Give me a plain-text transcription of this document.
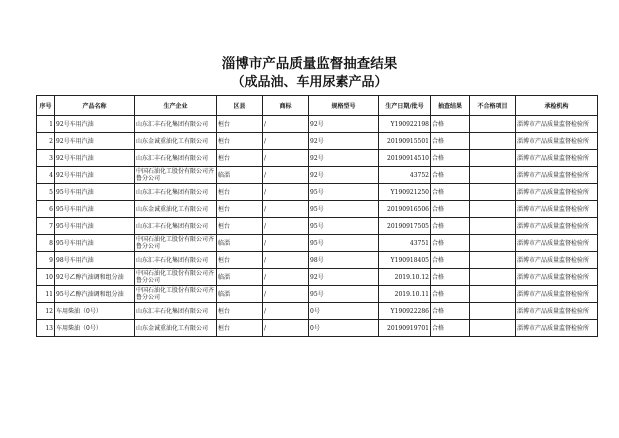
淄博市产品质量监督抽查结果
（成品油、车用尿素产品）
序号	产品名称	生产企业	区县	商标	规格型号	生产日期/批号	抽查结果	不合格项目	承检机构
1	92号车用汽油	山东汇丰石化集团有限公司	桓台	/	92号	Y190922198	合格		淄博市产品质量监督检验所
2	92号车用汽油	山东金诚重油化工有限公司	桓台	/	92号	20190915501	合格		淄博市产品质量监督检验所
3	92号车用汽油	山东汇丰石化集团有限公司	桓台	/	92号	20190914510	合格		淄博市产品质量监督检验所
4	92号车用汽油	中国石油化工股份有限公司齐鲁分公司	临淄	/	92号	43752	合格		淄博市产品质量监督检验所
5	95号车用汽油	山东汇丰石化集团有限公司	桓台	/	95号	Y190921250	合格		淄博市产品质量监督检验所
6	95号车用汽油	山东金诚重油化工有限公司	桓台	/	95号	20190916506	合格		淄博市产品质量监督检验所
7	95号车用汽油	山东汇丰石化集团有限公司	桓台	/	95号	20190917505	合格		淄博市产品质量监督检验所
8	95号车用汽油	中国石油化工股份有限公司齐鲁分公司	临淄	/	95号	43751	合格		淄博市产品质量监督检验所
9	98号车用汽油	山东汇丰石化集团有限公司	桓台	/	98号	Y190918405	合格		淄博市产品质量监督检验所
10	92号乙醇汽油调和组分油	中国石油化工股份有限公司齐鲁分公司	临淄	/	92号	2019.10.12	合格		淄博市产品质量监督检验所
11	95号乙醇汽油调和组分油	中国石油化工股份有限公司齐鲁分公司	临淄	/	95号	2019.10.11	合格		淄博市产品质量监督检验所
12	车用柴油（0号）	山东汇丰石化集团有限公司	桓台	/	0号	Y190922286	合格		淄博市产品质量监督检验所
13	车用柴油（0号）	山东金诚重油化工有限公司	桓台	/	0号	20190919701	合格		淄博市产品质量监督检验所
